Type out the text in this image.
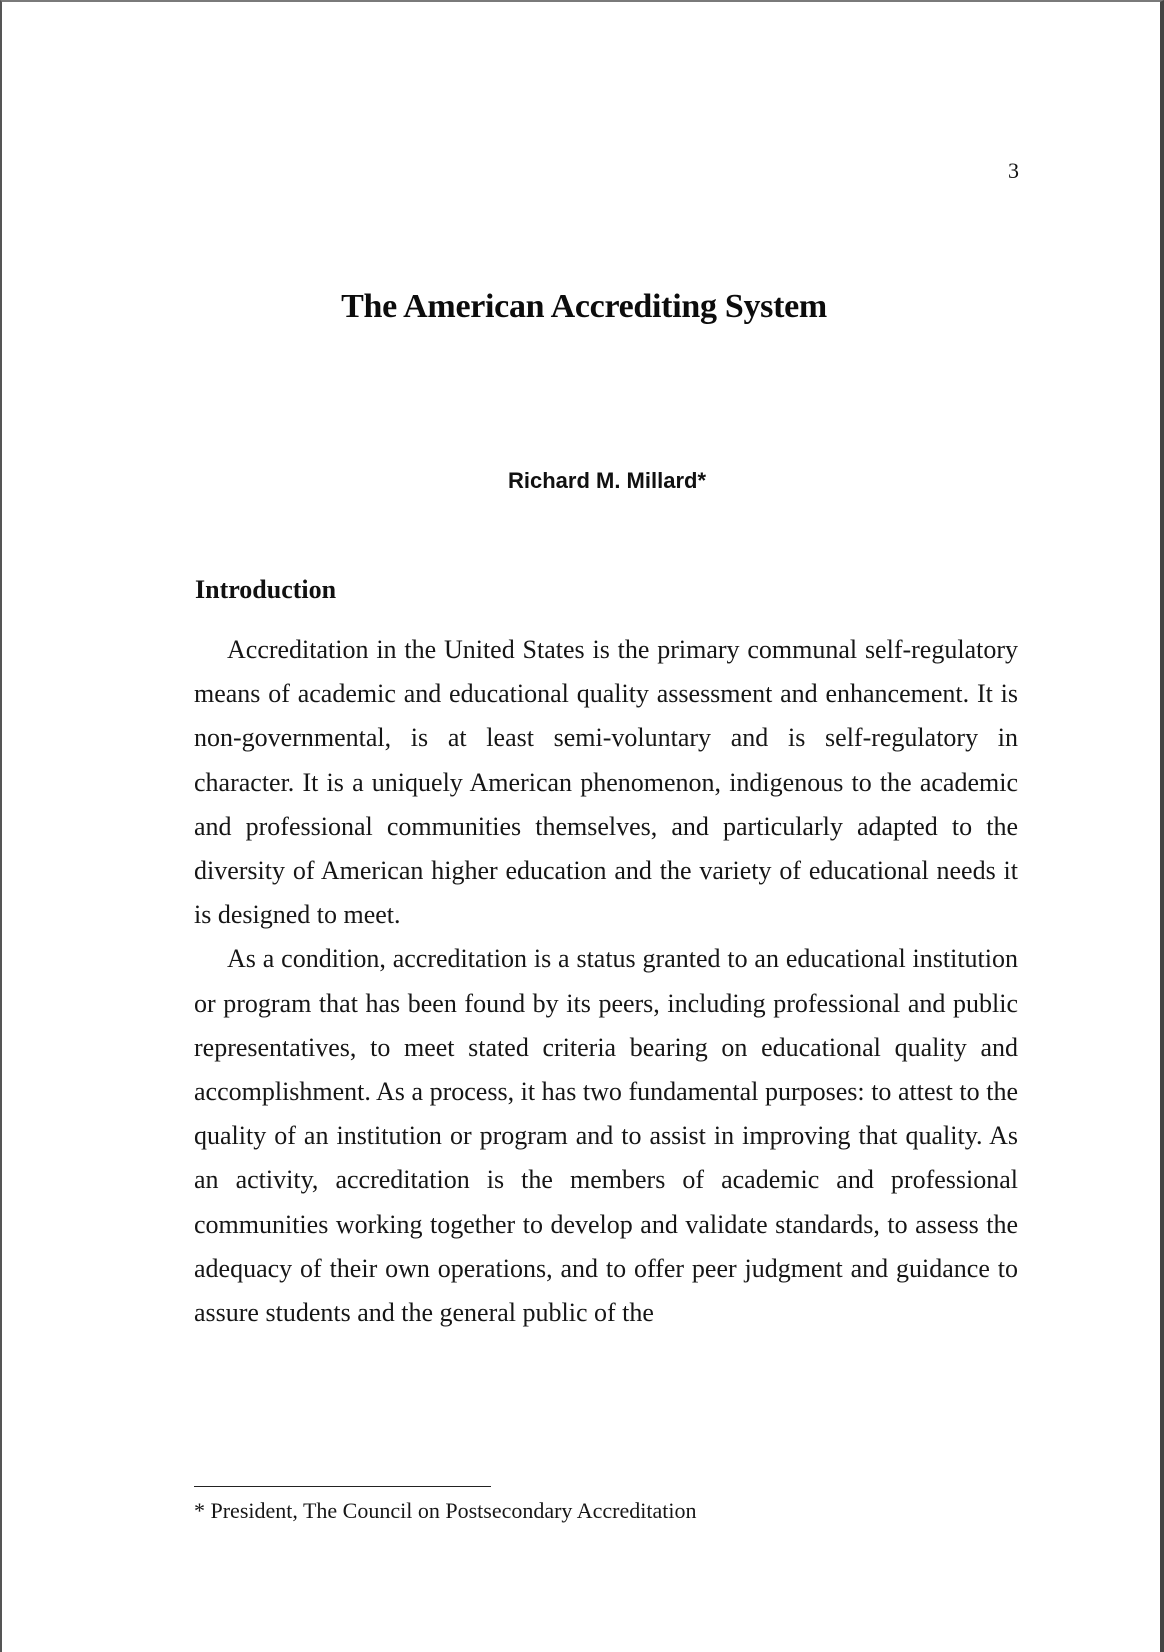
3
The American Accrediting System
Richard M. Millard*
Introduction

Accreditation in the United States is the primary communal self-regulatory means of academic and educational quality assessment and enhancement. It is non-governmental, is at least semi-voluntary and is self-regulatory in character. It is a uniquely American phenomenon, indigenous to the academic and professional communities themselves, and particularly adapted to the diversity of American higher education and the variety of educational needs it is designed to meet.

As a condition, accreditation is a status granted to an educational institution or program that has been found by its peers, including professional and public representatives, to meet stated criteria bearing on educational quality and accomplishment. As a process, it has two fundamental purposes: to attest to the quality of an institution or program and to assist in improving that quality. As an activity, accreditation is the members of academic and professional communities working together to develop and validate standards, to assess the adequacy of their own operations, and to offer peer judgment and guidance to assure students and the general public of the

* President, The Council on Postsecondary Accreditation
